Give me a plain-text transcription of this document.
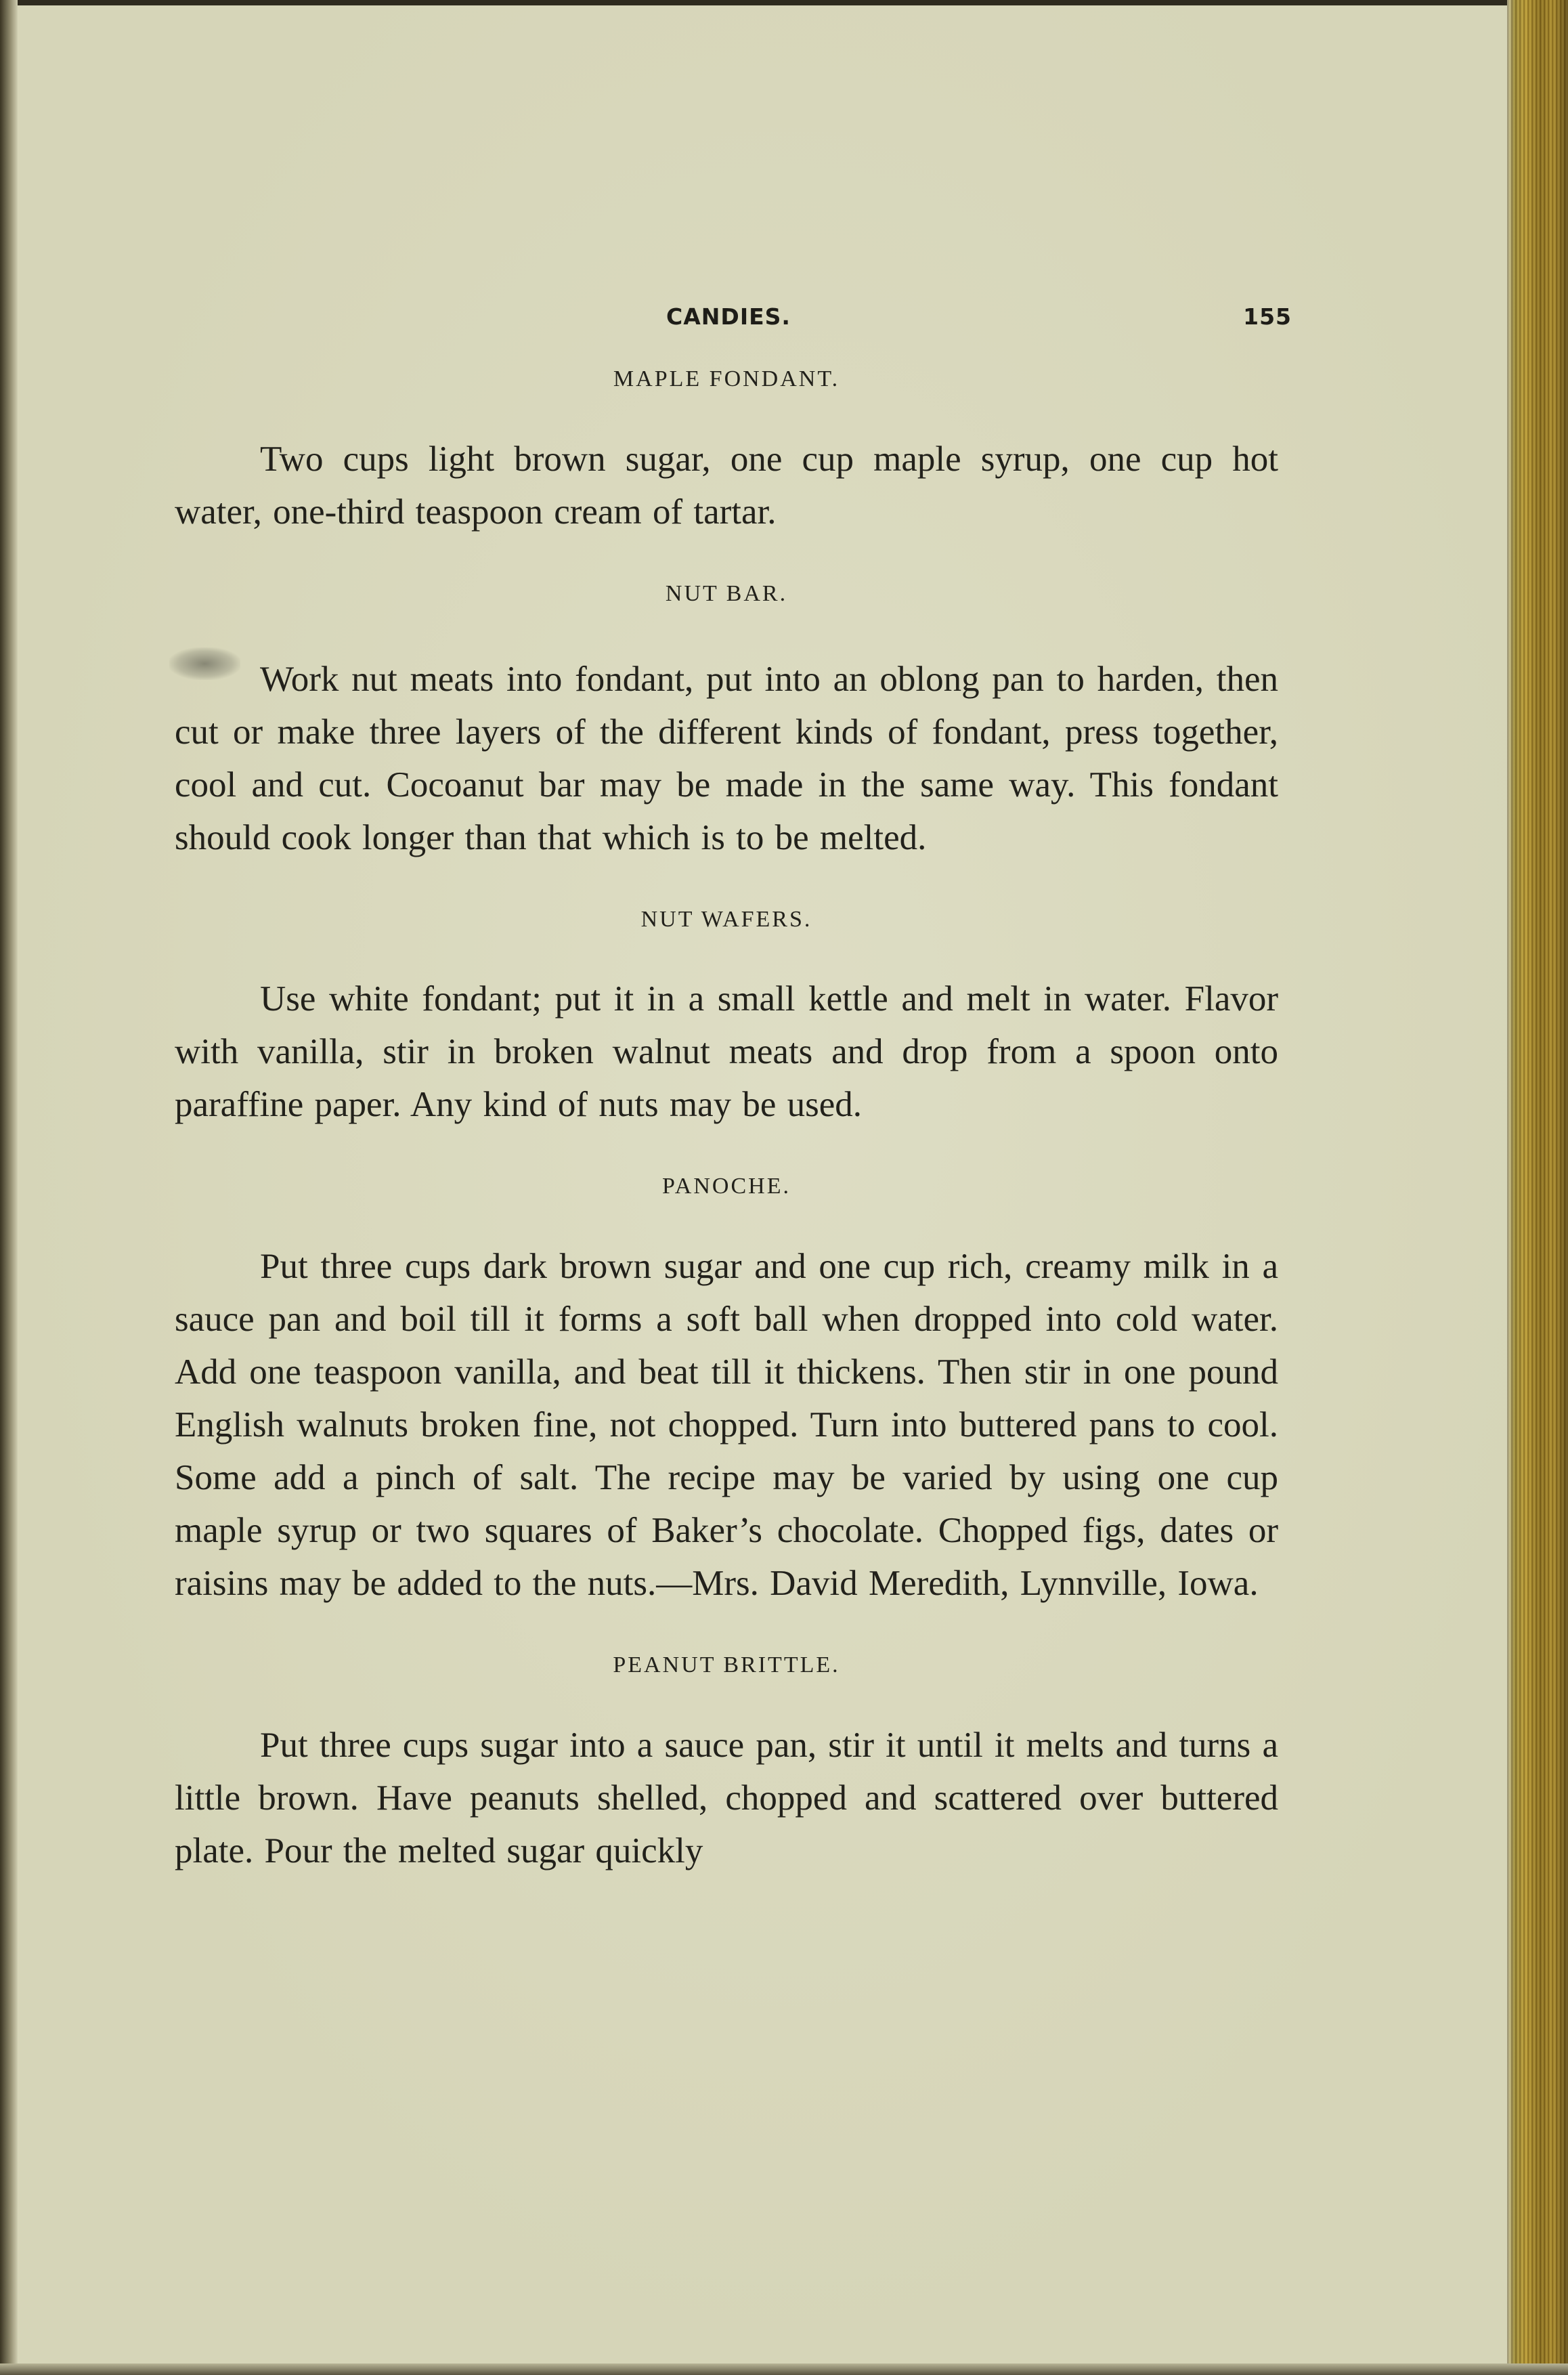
CANDIES.	155
MAPLE FONDANT.

Two cups light brown sugar, one cup maple syrup, one cup hot water, one-third teaspoon cream of tartar.

NUT BAR.

Work nut meats into fondant, put into an oblong pan to harden, then cut or make three layers of the different kinds of fondant, press together, cool and cut. Cocoanut bar may be made in the same way. This fondant should cook longer than that which is to be melted.

NUT WAFERS.

Use white fondant; put it in a small kettle and melt in water. Flavor with vanilla, stir in broken walnut meats and drop from a spoon onto paraffine paper. Any kind of nuts may be used.

PANOCHE.

Put three cups dark brown sugar and one cup rich, creamy milk in a sauce pan and boil till it forms a soft ball when dropped into cold water. Add one teaspoon vanilla, and beat till it thickens. Then stir in one pound English walnuts broken fine, not chopped. Turn into buttered pans to cool. Some add a pinch of salt. The recipe may be varied by using one cup maple syrup or two squares of Baker’s chocolate. Chopped figs, dates or raisins may be added to the nuts.—Mrs. David Meredith, Lynnville, Iowa.

PEANUT BRITTLE.

Put three cups sugar into a sauce pan, stir it until it melts and turns a little brown. Have peanuts shelled, chopped and scattered over buttered plate. Pour the melted sugar quickly
